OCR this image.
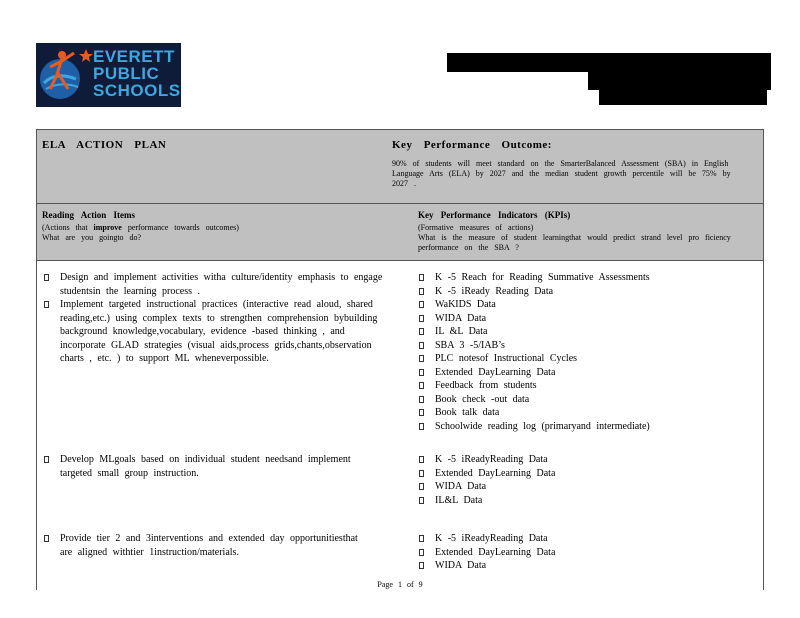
EVERETT
PUBLIC
SCHOOLS
ELA ACTION PLAN	Key Performance Outcome:
90% of students will meet standard on the SmarterBalanced Assessment (SBA) in English Language Arts (ELA) by 2027 and the median student growth percentile will be 75% by 2027 .
Reading Action Items
(Actions that improve performance towards outcomes)
What are you goingto do?
Key Performance Indicators (KPIs)
(Formative measures of actions)
What is the measure of student learningthat would predict strand level pro ficiency performance on the SBA ?
Design and implement activities witha culture/identity emphasis to engage studentsin the learning process .
Implement targeted instructional practices (interactive read aloud, shared reading,etc.) using complex texts to strengthen comprehension bybuilding background knowledge,vocabulary, evidence -based thinking , and incorporate GLAD strategies (visual aids,process grids,chants,observation charts , etc. ) to support ML wheneverpossible.
K -5 Reach for Reading Summative Assessments
K -5 iReady Reading Data
WaKIDS Data
WIDA Data
IL &L Data
SBA 3 -5/IAB’s
PLC notesof Instructional Cycles
Extended DayLearning Data
Feedback from students
Book check -out data
Book talk data
Schoolwide reading log (primaryand intermediate)
Develop MLgoals based on individual student needsand implement targeted small group instruction.
K -5 iReadyReading Data
Extended DayLearning Data
WIDA Data
IL&L Data
Provide tier 2 and 3interventions and extended day opportunitiesthat are aligned withtier 1instruction/materials.
K -5 iReadyReading Data
Extended DayLearning Data
WIDA Data
Page 1 of 9
